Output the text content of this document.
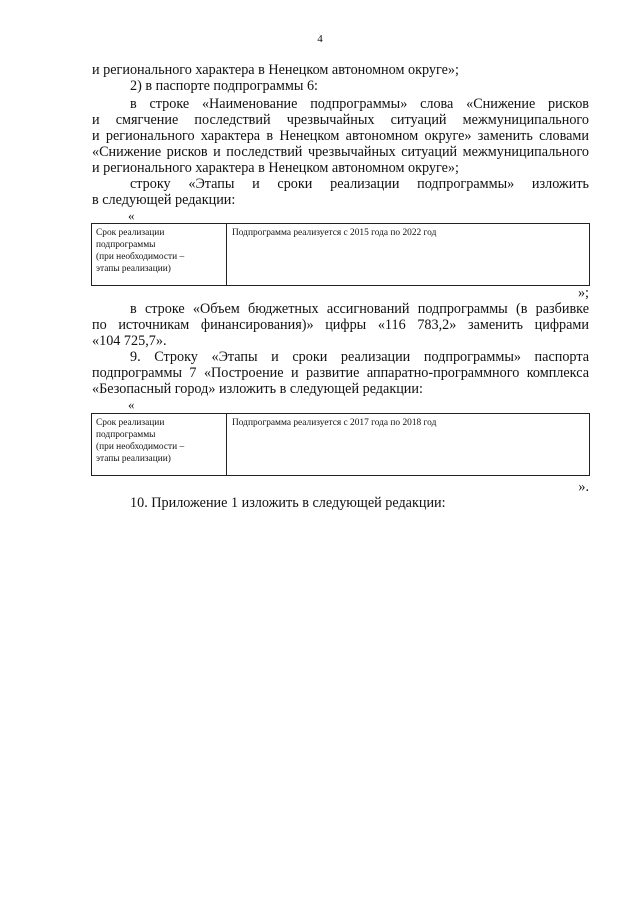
4
и регионального характера в Ненецком автономном округе»;
2) в паспорте подпрограммы 6:
в строке «Наименование подпрограммы» слова «Снижение рисков
и смягчение последствий чрезвычайных ситуаций межмуниципального
и регионального характера в Ненецком автономном округе» заменить словами
«Снижение рисков и последствий чрезвычайных ситуаций межмуниципального
и регионального характера в Ненецком автономном округе»;
строку «Этапы и сроки реализации подпрограммы» изложить
в следующей редакции:
«
Срок реализации
подпрограммы
(при необходимости –
этапы реализации)
Подпрограмма реализуется с 2015 года по 2022 год
»;
в строке «Объем бюджетных ассигнований подпрограммы (в разбивке
по источникам финансирования)» цифры «116 783,2» заменить цифрами
«104 725,7».
9. Строку «Этапы и сроки реализации подпрограммы» паспорта
подпрограммы 7 «Построение и развитие аппаратно-программного комплекса
«Безопасный город» изложить в следующей редакции:
«
Срок реализации
подпрограммы
(при необходимости –
этапы реализации)
Подпрограмма реализуется с 2017 года по 2018 год
».
10. Приложение 1 изложить в следующей редакции:
